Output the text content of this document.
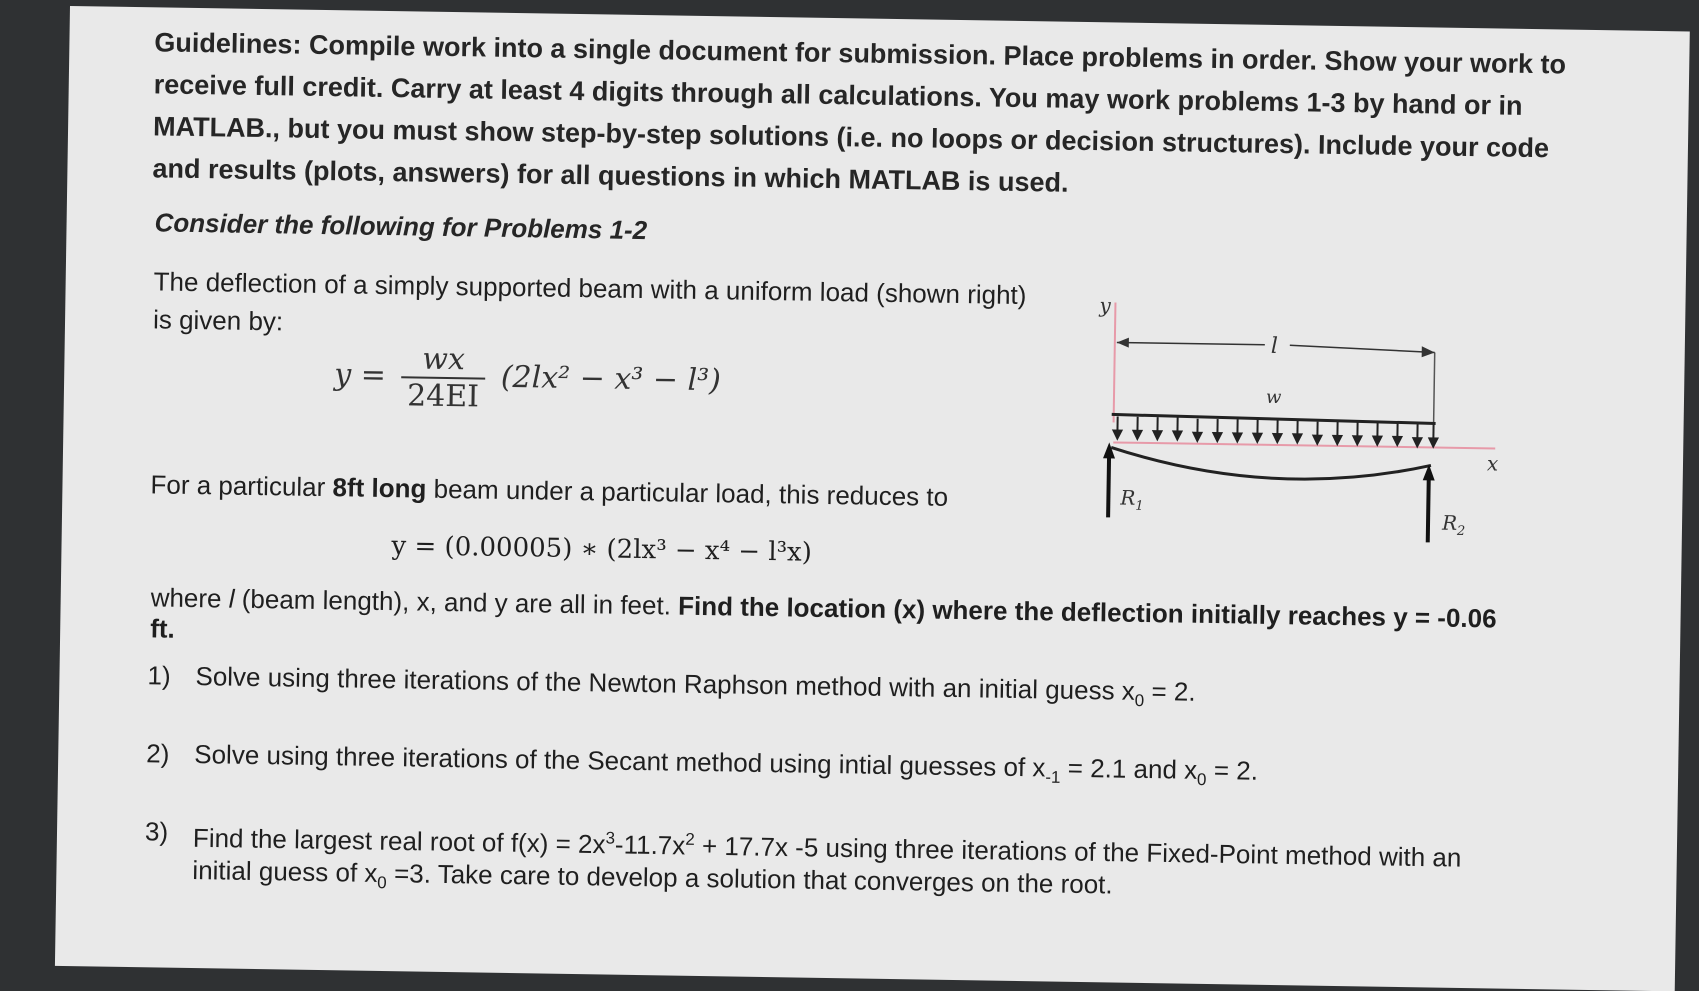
Guidelines: Compile work into a single document for submission. Place problems in order. Show your work to receive full credit. Carry at least 4 digits through all calculations. You may work problems 1-3 by hand or in MATLAB., but you must show step-by-step solutions (i.e. no loops or decision structures). Include your code and results (plots, answers) for all questions in which MATLAB is used.
Consider the following for Problems 1-2
The deflection of a simply supported beam with a uniform load (shown right) is given by:
$y = \frac{wx}{24EI} (2lx^2 - x^3 - l^3)$
For a particular 8ft long beam under a particular load, this reduces to
y = (0.00005) ∗ (2lx³ − x⁴ − l³x)
where l (beam length), x, and y are all in feet. Find the location (x) where the deflection initially reaches y = -0.06 ft.
1) Solve using three iterations of the Newton Raphson method with an initial guess $x_0 = 2$.
2) Solve using three iterations of the Secant method using intial guesses of $x_{-1} = 2.1$ and $x_0 = 2$.
3) Find the largest real root of $f(x) = 2x^3-11.7x^2 + 17.7x$ -5 using three iterations of the Fixed-Point method with an initial guess of $x_0 =3$. Take care to develop a solution that converges on the root.
y
x
l
w
$R_1$
$R_2$
